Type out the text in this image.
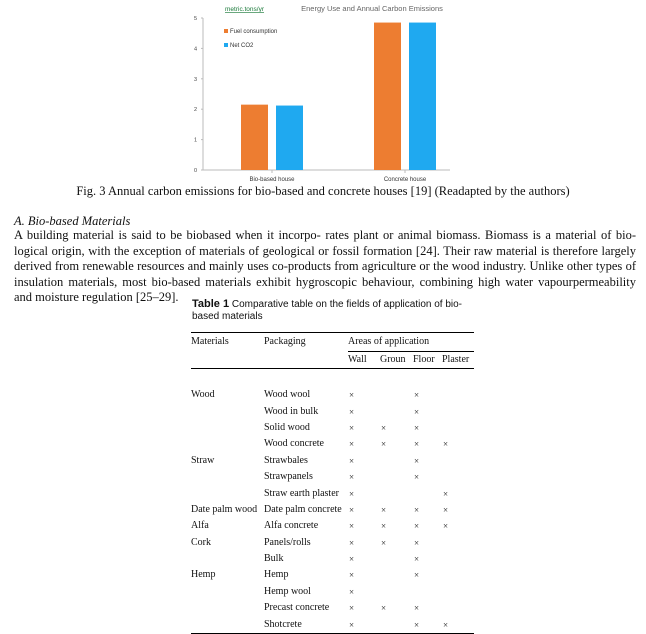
metric.tons/yr	Energy Use and Annual Carbon Emissions
0
1
2
3
4
5
Bio-based house	Concrete house
Fuel consumption
Net CO2
Fig. 3 Annual carbon emissions for bio-based and concrete houses [19] (Readapted by the authors)
A. Bio-based Materials
A building material is said to be biobased when it incorpo- rates plant or animal biomass. Biomass is a material of bio- logical origin, with the exception of materials of geological or fossil formation [24]. Their raw material is therefore largely derived from renewable resources and mainly uses co-products from agriculture or the wood industry. Unlike other types of insulation materials, most bio-based materials exhibit hygroscopic behaviour, combining high water vapourpermeability and moisture regulation [25–29].	Table 1 Comparative table on the fields of application of bio-based materials
Materials	Packaging	Areas of application			
		Wall	Groun	Floor	Plaster

Wood	Wood wool	×		×	
	Wood in bulk	×		×	
	Solid wood	×	×	×	
	Wood concrete	×	×	×	×
Straw	Strawbales	×		×	
	Strawpanels	×		×	
	Straw earth plaster	×			×
Date palm wood	Date palm concrete	×	×	×	×
Alfa	Alfa concrete	×	×	×	×
Cork	Panels/rolls	×	×	×	
	Bulk	×		×	
Hemp	Hemp	×		×	
	Hemp wool	×			
	Precast concrete	×	×	×	
	Shotcrete	×		×	×
